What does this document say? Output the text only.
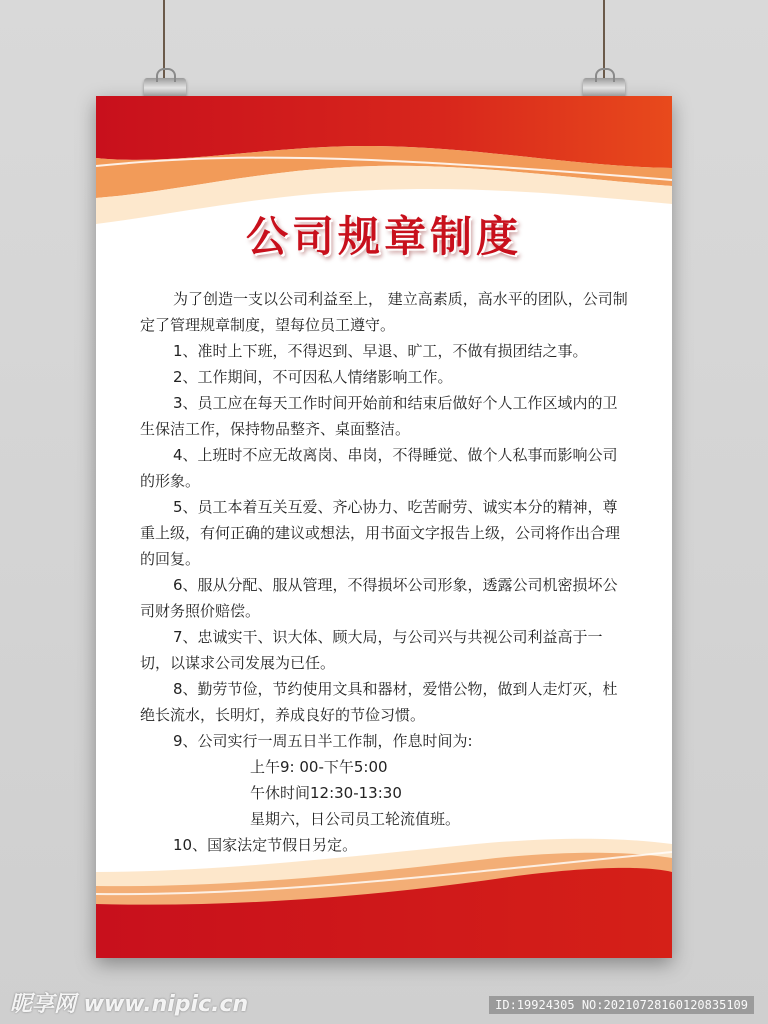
公司规章制度

为了创造一支以公司利益至上， 建立高素质，高水平的团队，公司制定了管理规章制度，望每位员工遵守。

1、准时上下班，不得迟到、早退、旷工，不做有损团结之事。

2、工作期间，不可因私人情绪影响工作。

3、员工应在每天工作时间开始前和结束后做好个人工作区域内的卫生保洁工作，保持物品整齐、桌面整洁。

4、上班时不应无故离岗、串岗，不得睡觉、做个人私事而影响公司的形象。

5、员工本着互关互爱、齐心协力、吃苦耐劳、诚实本分的精神，尊重上级，有何正确的建议或想法，用书面文字报告上级，公司将作出合理的回复。

6、服从分配、服从管理，不得损坏公司形象，透露公司机密损坏公司财务照价赔偿。

7、忠诚实干、识大体、顾大局，与公司兴与共视公司利益高于一切，以谋求公司发展为已任。

8、勤劳节俭，节约使用文具和器材，爱惜公物，做到人走灯灭，杜绝长流水，长明灯，养成良好的节俭习惯。

9、公司实行一周五日半工作制，作息时间为:

上午9: 00-下午5:00

午休时间12:30-13:30

星期六，日公司员工轮流值班。

10、国家法定节假日另定。

昵享网 www.nipic.cn	ID:19924305 NO:20210728160120835109
